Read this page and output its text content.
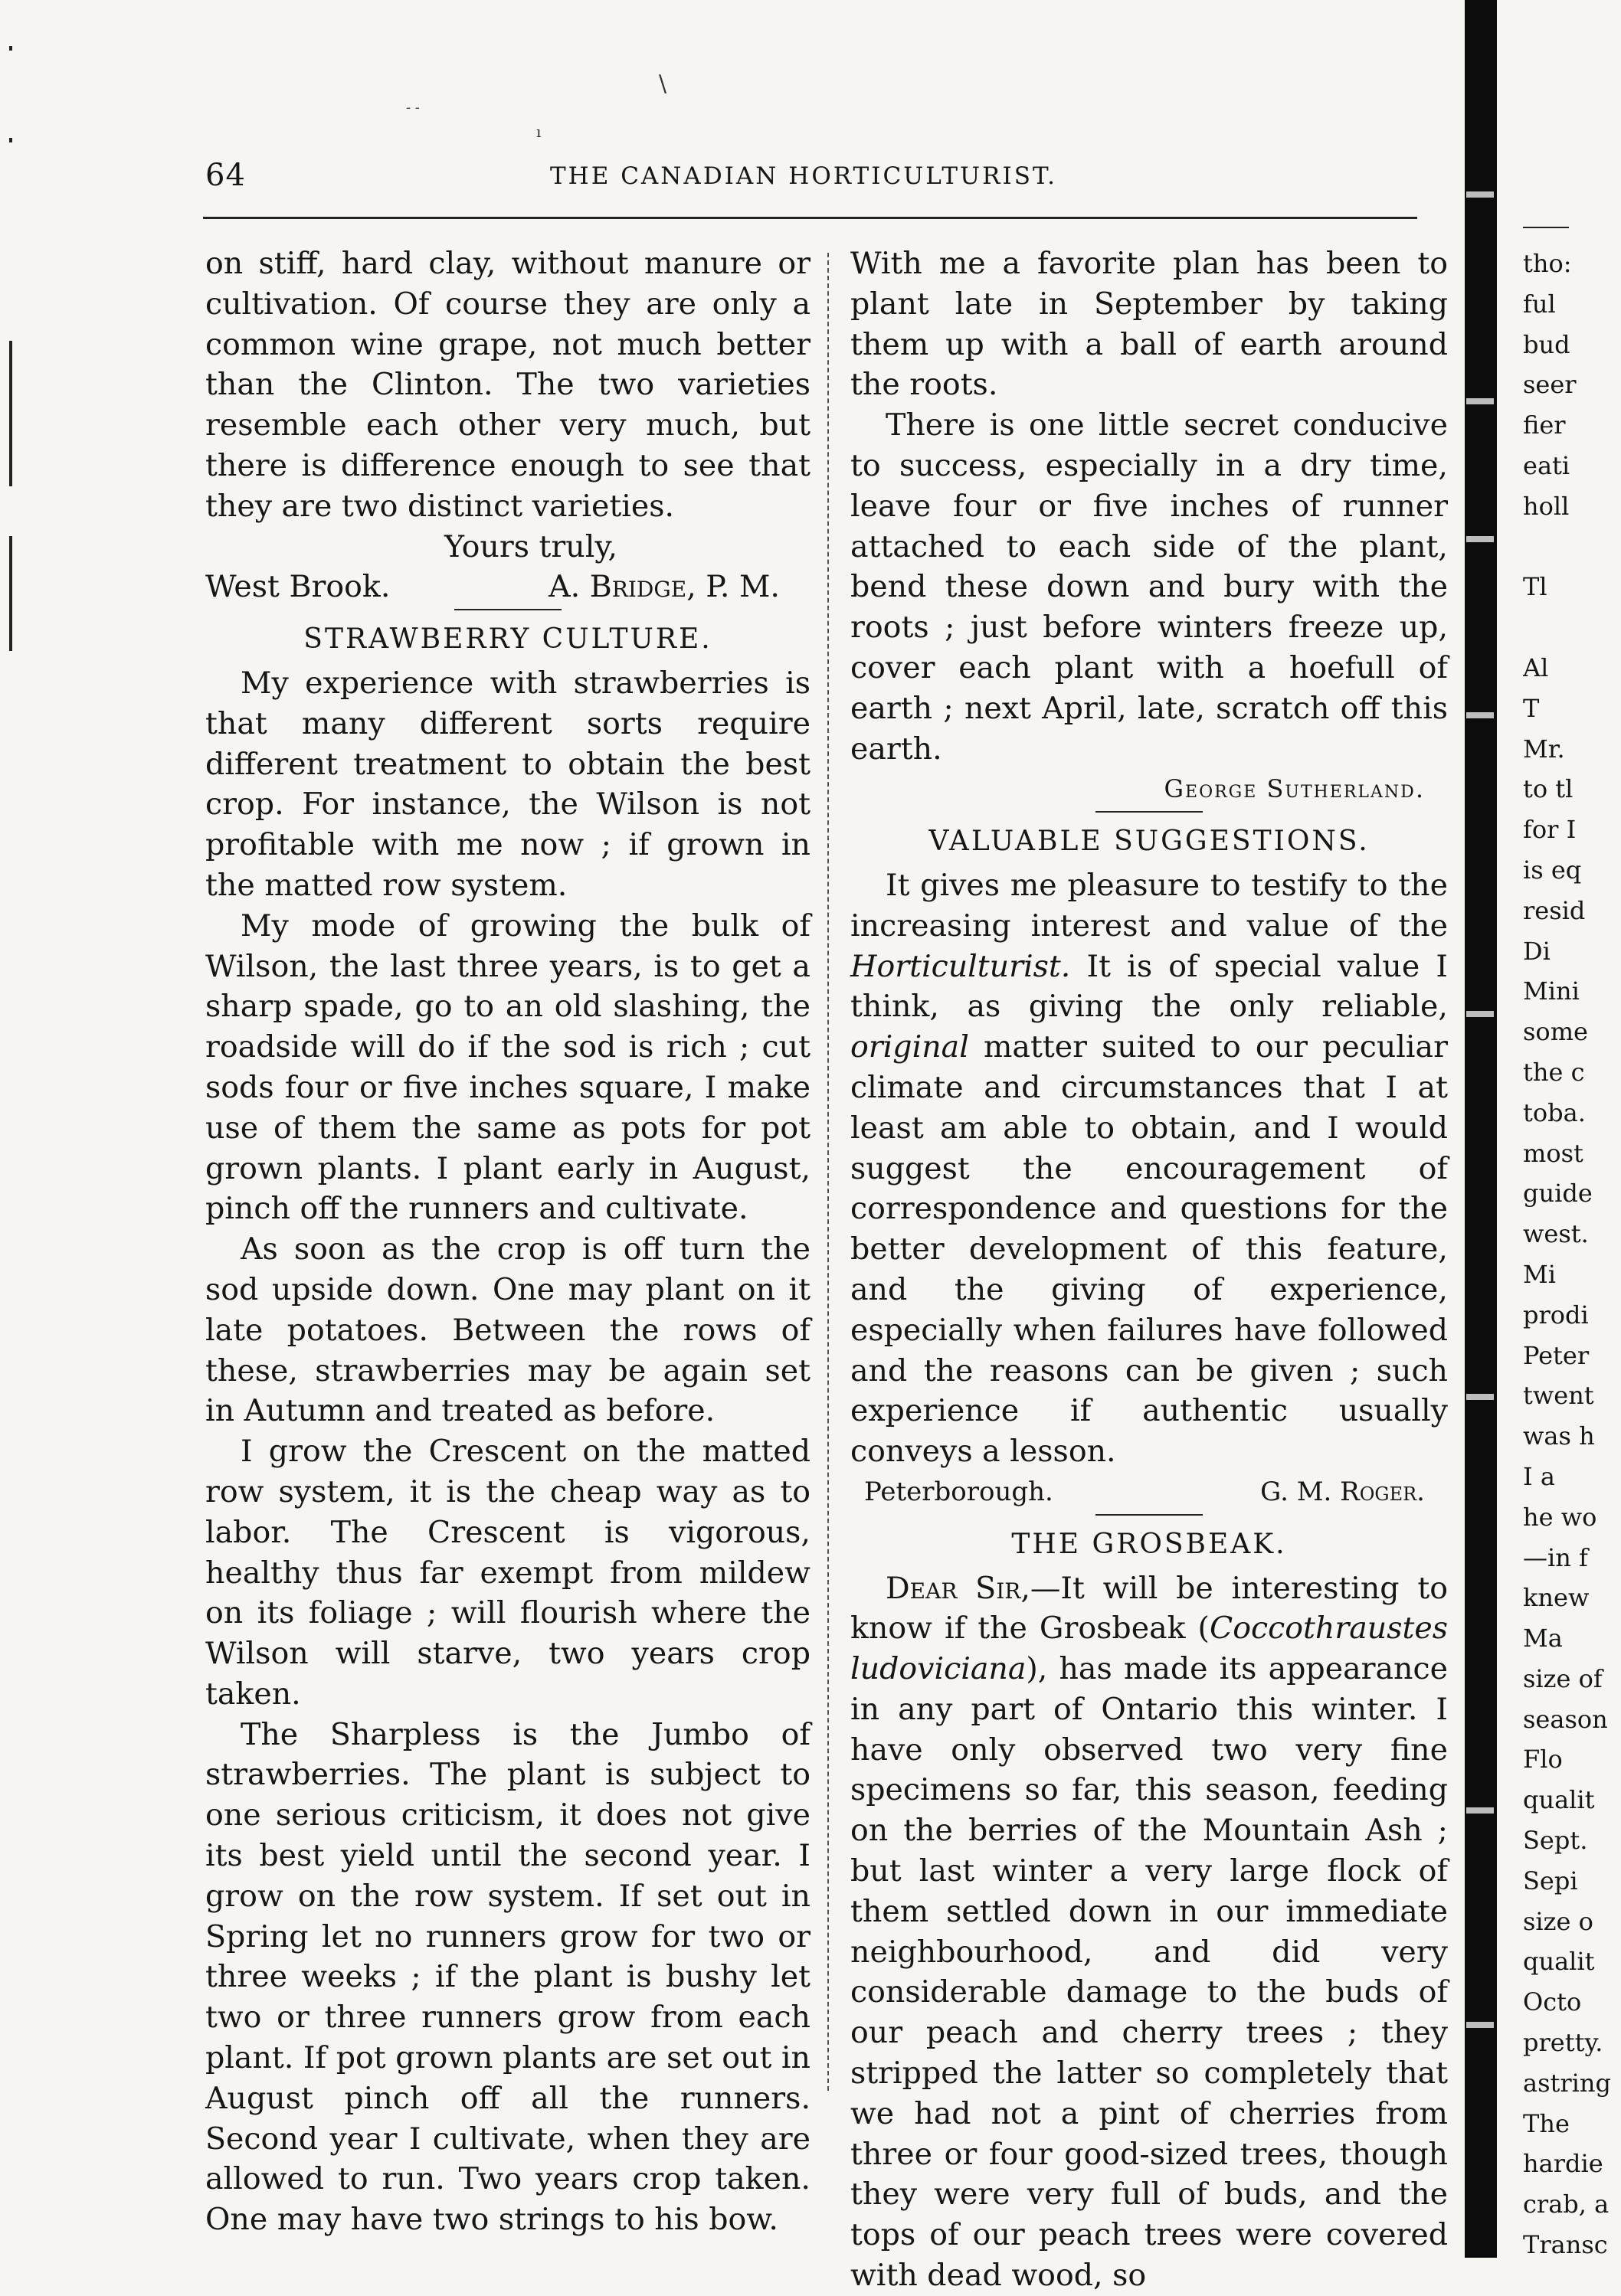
\
- -
ı
64	THE CANADIAN HORTICULTURIST.

on stiff, hard clay, without manure or cultivation. Of course they are only a common wine grape, not much better than the Clinton. The two varieties resemble each other very much, but there is difference enough to see that they are two distinct varieties.

Yours truly,

West Brook.	A. Bridge, P. M.

STRAWBERRY CULTURE.

My experience with strawberries is that many different sorts require different treatment to obtain the best crop. For instance, the Wilson is not profitable with me now ; if grown in the matted row system.

My mode of growing the bulk of Wilson, the last three years, is to get a sharp spade, go to an old slashing, the roadside will do if the sod is rich ; cut sods four or five inches square, I make use of them the same as pots for pot grown plants. I plant early in August, pinch off the runners and cultivate.

As soon as the crop is off turn the sod upside down. One may plant on it late potatoes. Between the rows of these, strawberries may be again set in Autumn and treated as before.

I grow the Crescent on the matted row system, it is the cheap way as to labor. The Crescent is vigorous, healthy thus far exempt from mildew on its foliage ; will flourish where the Wilson will starve, two years crop taken.

The Sharpless is the Jumbo of strawberries. The plant is subject to one serious criticism, it does not give its best yield until the second year. I grow on the row system. If set out in Spring let no runners grow for two or three weeks ; if the plant is bushy let two or three runners grow from each plant. If pot grown plants are set out in August pinch off all the runners. Second year I cultivate, when they are allowed to run. Two years crop taken. One may have two strings to his bow.

With me a favorite plan has been to plant late in September by taking them up with a ball of earth around the roots.

There is one little secret conducive to success, especially in a dry time, leave four or five inches of runner attached to each side of the plant, bend these down and bury with the roots ; just before winters freeze up, cover each plant with a hoefull of earth ; next April, late, scratch off this earth.

George Sutherland.

VALUABLE SUGGESTIONS.

It gives me pleasure to testify to the increasing interest and value of the Horticulturist. It is of special value I think, as giving the only reliable, original matter suited to our peculiar climate and circumstances that I at least am able to obtain, and I would suggest the encouragement of correspondence and questions for the better development of this feature, and the giving of experience, especially when failures have followed and the reasons can be given ; such experience if authentic usually conveys a lesson.

Peterborough.	G. M. Roger.

THE GROSBEAK.

Dear Sir,—It will be interesting to know if the Grosbeak (Coccothraustes ludoviciana), has made its appearance in any part of Ontario this winter. I have only observed two very fine specimens so far, this season, feeding on the berries of the Mountain Ash ; but last winter a very large flock of them settled down in our immediate neighbourhood, and did very considerable damage to the buds of our peach and cherry trees ; they stripped the latter so completely that we had not a pint of cherries from three or four good-sized trees, though they were very full of buds, and the tops of our peach trees were covered with dead wood, so

tho:
ful
bud
seer
fier
eati
holl
Tl
Al
T
Mr.
to tl
for I
is eq
resid
Di
Mini
some
the c
toba.
most
guide
west.
Mi
prodi
Peter
twent
was h
I a
he wo
—in f
knew
Ma
size of
season
Flo
qualit
Sept.
Sepi
size o
qualit
Octo
pretty.
astring
The
hardie
crab, a
Transc
